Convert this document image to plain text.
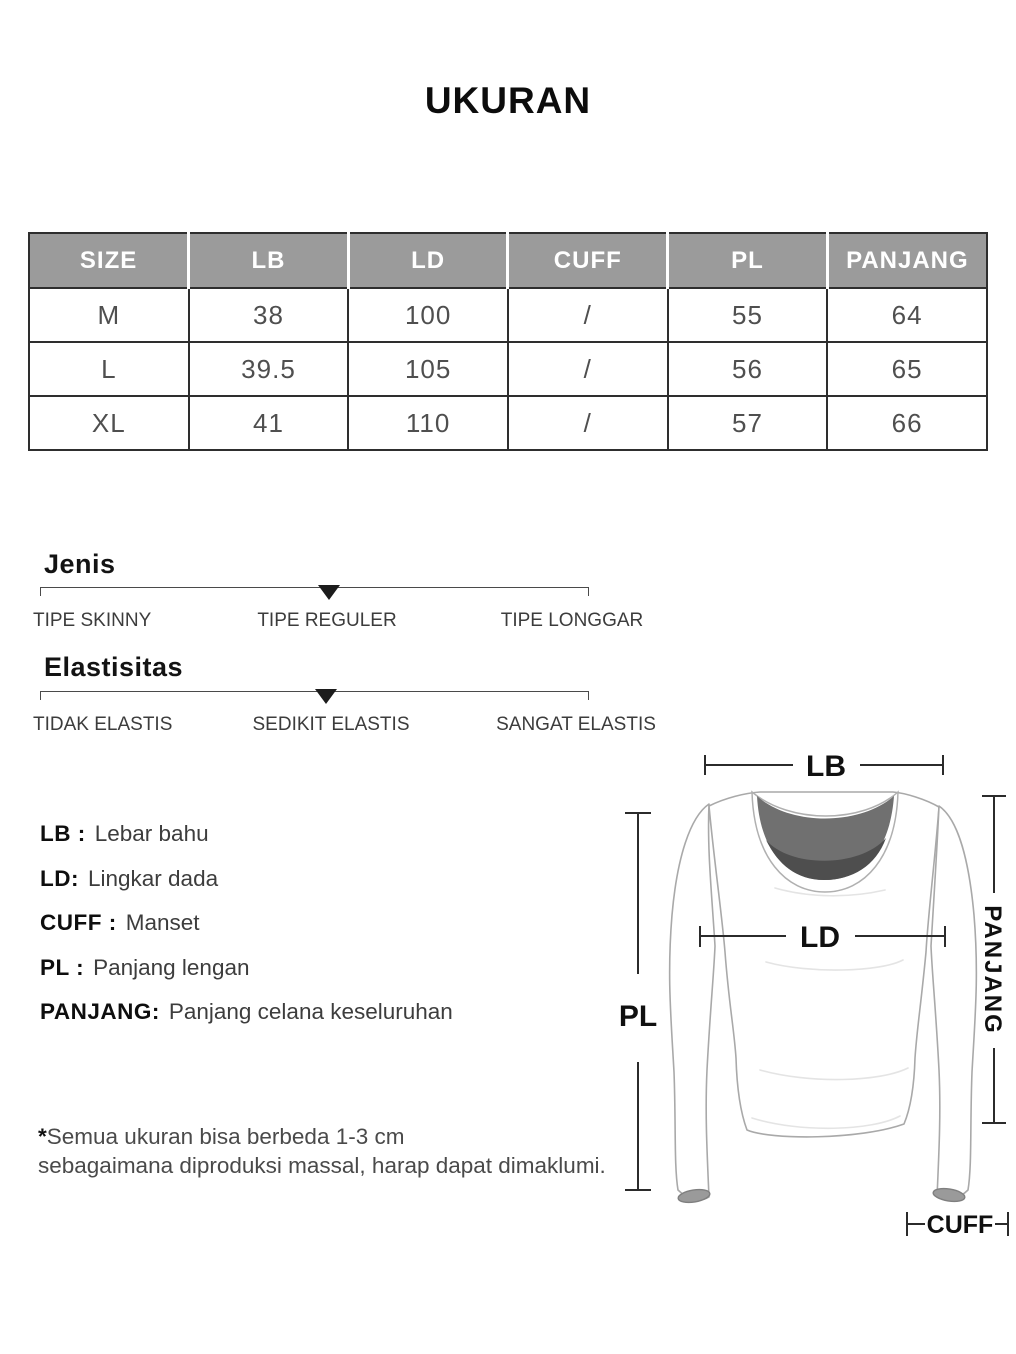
UKURAN
SIZE	LB	LD	CUFF	PL	PANJANG
M	38	100	/	55	64
L	39.5	105	/	56	65
XL	41	110	/	57	66
Jenis
TIPE SKINNY	TIPE REGULER	TIPE LONGGAR
Elastisitas
TIDAK ELASTIS	SEDIKIT ELASTIS	SANGAT ELASTIS
LB : Lebar bahu
LD: Lingkar dada
CUFF : Manset
PL : Panjang lengan
PANJANG: Panjang celana keseluruhan

*Semua ukuran bisa berbeda 1-3 cm

sebagaimana diproduksi massal, harap dapat dimaklumi.

LB
LD
PL	PANJANG
CUFF
